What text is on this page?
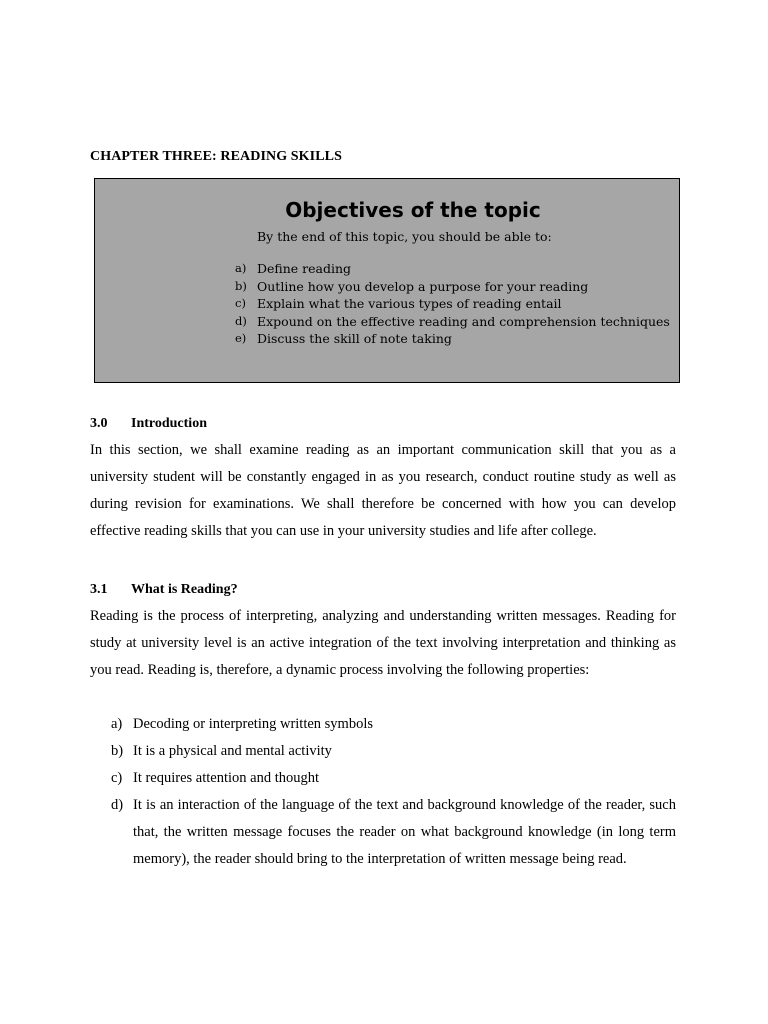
CHAPTER THREE: READING SKILLS
Objectives of the topic
By the end of this topic, you should be able to:
a) Define reading
b) Outline how you develop a purpose for your reading
c) Explain what the various types of reading entail
d) Expound on the effective reading and comprehension techniques
e) Discuss the skill of note taking
3.0 Introduction

In this section, we shall examine reading as an important communication skill that you as a university student will be constantly engaged in as you research, conduct routine study as well as during revision for examinations. We shall therefore be concerned with how you can develop effective reading skills that you can use in your university studies and life after college.

3.1 What is Reading?

Reading is the process of interpreting, analyzing and understanding written messages. Reading for study at university level is an active integration of the text involving interpretation and thinking as you read. Reading is, therefore, a dynamic process involving the following properties:

a) Decoding or interpreting written symbols
b) It is a physical and mental activity
c) It requires attention and thought
d) It is an interaction of the language of the text and background knowledge of the reader, such that, the written message focuses the reader on what background knowledge (in long term memory), the reader should bring to the interpretation of written message being read.
